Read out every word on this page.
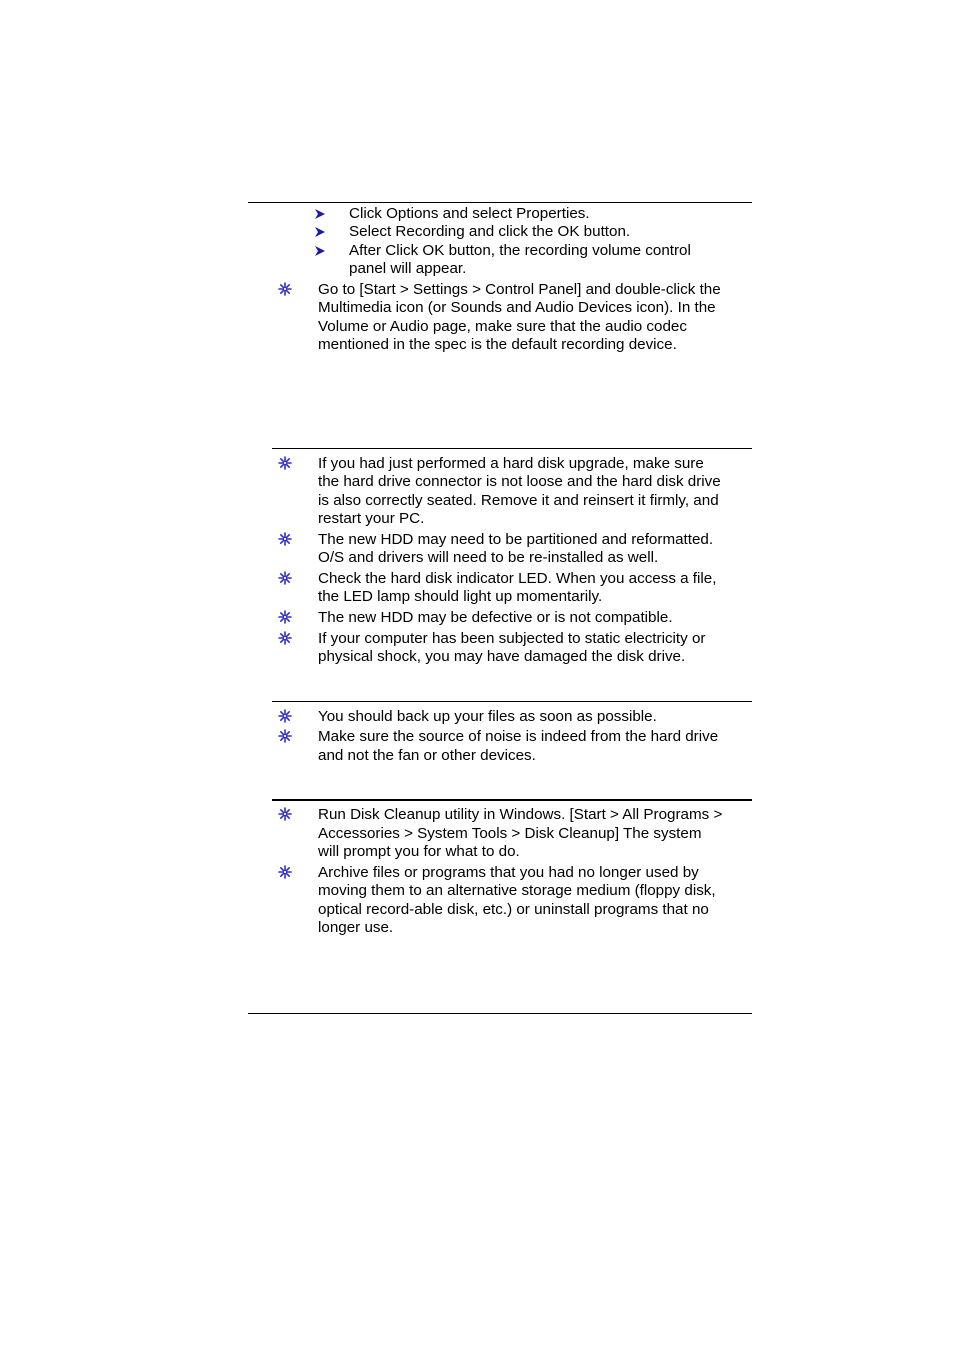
Click Options and select Properties.
Select Recording and click the OK button.
After Click OK button, the recording volume control
panel will appear.
Go to [Start > Settings > Control Panel] and double-click the
Multimedia icon (or Sounds and Audio Devices icon). In the
Volume or Audio page, make sure that the audio codec
mentioned in the spec is the default recording device.
If you had just performed a hard disk upgrade, make sure
the hard drive connector is not loose and the hard disk drive
is also correctly seated. Remove it and reinsert it firmly, and
restart your PC.
The new HDD may need to be partitioned and reformatted.
O/S and drivers will need to be re-installed as well.
Check the hard disk indicator LED. When you access a file,
the LED lamp should light up momentarily.
The new HDD may be defective or is not compatible.
If your computer has been subjected to static electricity or
physical shock, you may have damaged the disk drive.
You should back up your files as soon as possible.
Make sure the source of noise is indeed from the hard drive
and not the fan or other devices.
Run Disk Cleanup utility in Windows. [Start > All Programs >
Accessories > System Tools > Disk Cleanup] The system
will prompt you for what to do.
Archive files or programs that you had no longer used by
moving them to an alternative storage medium (floppy disk,
optical record-able disk, etc.) or uninstall programs that no
longer use.
